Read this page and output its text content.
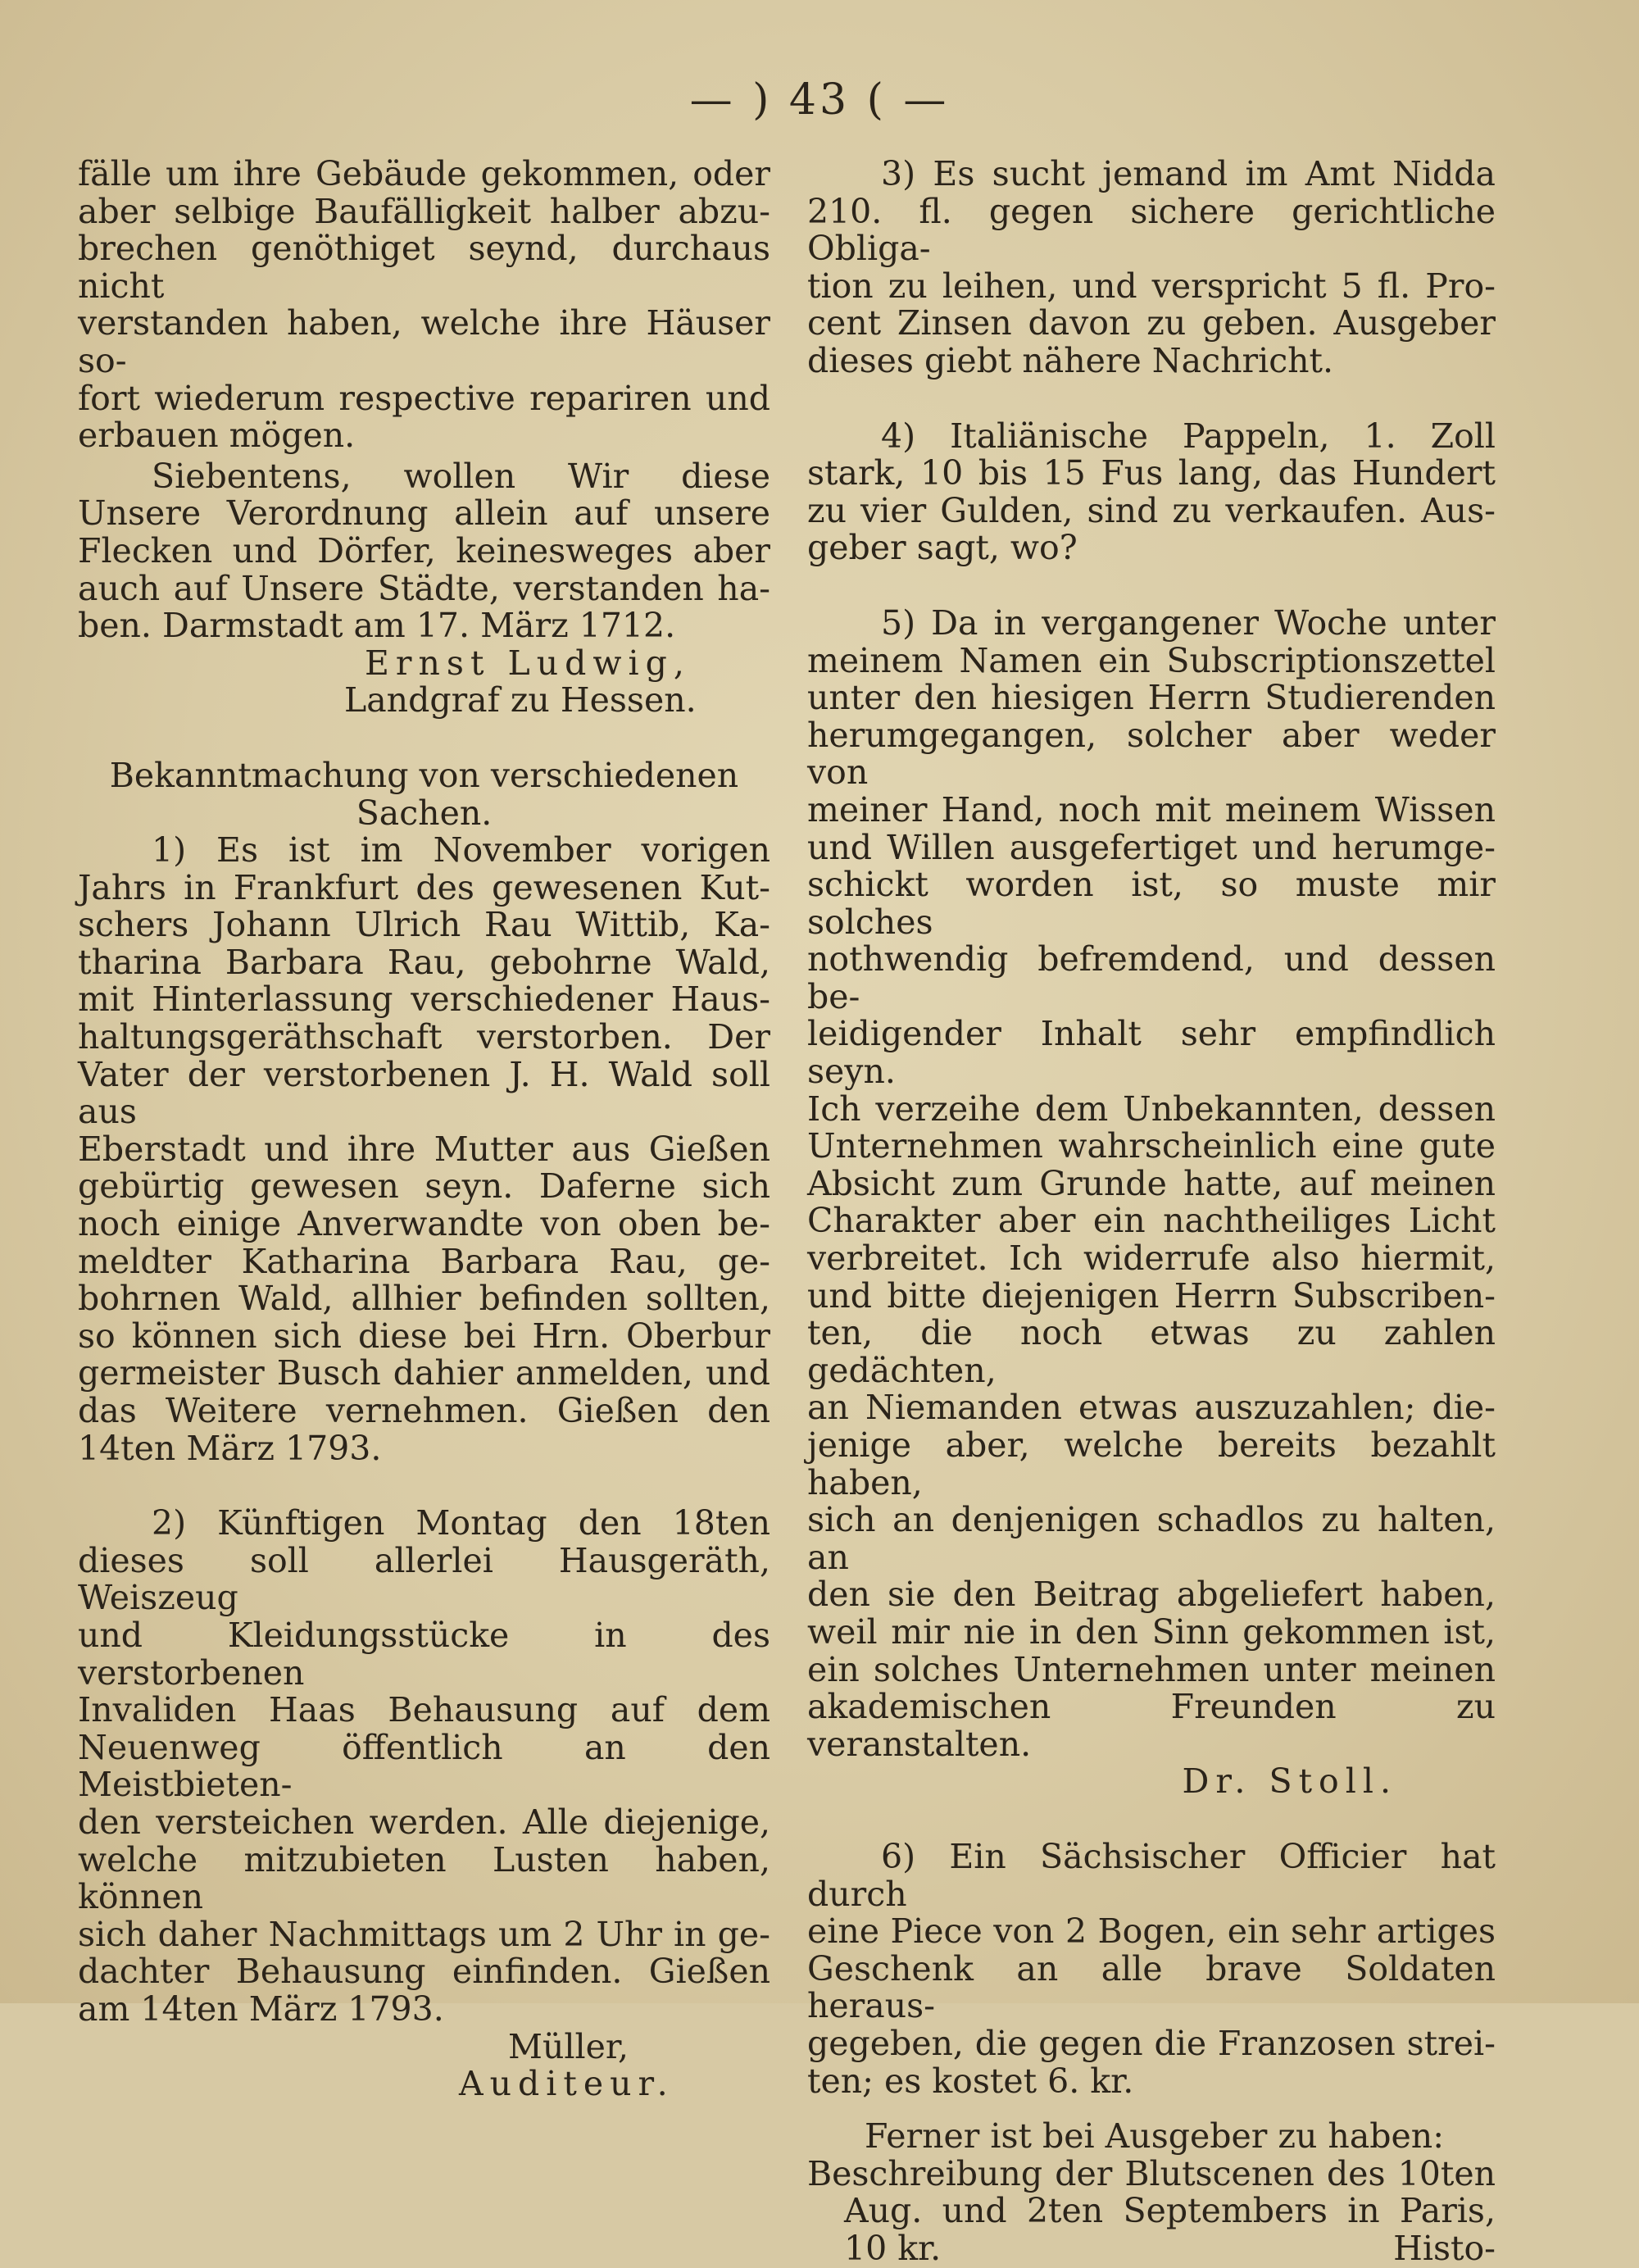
— ) 43 ( —

fälle um ihre Gebäude gekommen, oder

aber selbige Baufälligkeit halber abzu-

brechen genöthiget seynd, durchaus nicht

verstanden haben, welche ihre Häuser so-

fort wiederum respective repariren und

erbauen mögen.

Siebentens, wollen Wir diese

Unsere Verordnung allein auf unsere

Flecken und Dörfer, keinesweges aber

auch auf Unsere Städte, verstanden ha-

ben. Darmstadt am 17. März 1712.

Ernst Ludwig,

Landgraf zu Hessen.

Bekanntmachung von verschiedenen

Sachen.

1) Es ist im November vorigen

Jahrs in Frankfurt des gewesenen Kut-

schers Johann Ulrich Rau Wittib, Ka-

tharina Barbara Rau, gebohrne Wald,

mit Hinterlassung verschiedener Haus-

haltungsgeräthschaft verstorben. Der

Vater der verstorbenen J. H. Wald soll aus

Eberstadt und ihre Mutter aus Gießen

gebürtig gewesen seyn. Daferne sich

noch einige Anverwandte von oben be-

meldter Katharina Barbara Rau, ge-

bohrnen Wald, allhier befinden sollten,

so können sich diese bei Hrn. Oberbur

germeister Busch dahier anmelden, und

das Weitere vernehmen. Gießen den

14ten März 1793.

2) Künftigen Montag den 18ten

dieses soll allerlei Hausgeräth, Weiszeug

und Kleidungsstücke in des verstorbenen

Invaliden Haas Behausung auf dem

Neuenweg öffentlich an den Meistbieten-

den versteichen werden. Alle diejenige,

welche mitzubieten Lusten haben, können

sich daher Nachmittags um 2 Uhr in ge-

dachter Behausung einfinden. Gießen

am 14ten März 1793.

Müller,

Auditeur.

3) Es sucht jemand im Amt Nidda

210. fl. gegen sichere gerichtliche Obliga-

tion zu leihen, und verspricht 5 fl. Pro-

cent Zinsen davon zu geben. Ausgeber

dieses giebt nähere Nachricht.

4) Italiänische Pappeln, 1. Zoll

stark, 10 bis 15 Fus lang, das Hundert

zu vier Gulden, sind zu verkaufen. Aus-

geber sagt, wo?

5) Da in vergangener Woche unter

meinem Namen ein Subscriptionszettel

unter den hiesigen Herrn Studierenden

herumgegangen, solcher aber weder von

meiner Hand, noch mit meinem Wissen

und Willen ausgefertiget und herumge-

schickt worden ist, so muste mir solches

nothwendig befremdend, und dessen be-

leidigender Inhalt sehr empfindlich seyn.

Ich verzeihe dem Unbekannten, dessen

Unternehmen wahrscheinlich eine gute

Absicht zum Grunde hatte, auf meinen

Charakter aber ein nachtheiliges Licht

verbreitet. Ich widerrufe also hiermit,

und bitte diejenigen Herrn Subscriben-

ten, die noch etwas zu zahlen gedächten,

an Niemanden etwas auszuzahlen; die-

jenige aber, welche bereits bezahlt haben,

sich an denjenigen schadlos zu halten, an

den sie den Beitrag abgeliefert haben,

weil mir nie in den Sinn gekommen ist,

ein solches Unternehmen unter meinen

akademischen Freunden zu veranstalten.

Dr. Stoll.

6) Ein Sächsischer Officier hat durch

eine Piece von 2 Bogen, ein sehr artiges

Geschenk an alle brave Soldaten heraus-

gegeben, die gegen die Franzosen strei-

ten; es kostet 6. kr.

Ferner ist bei Ausgeber zu haben:

Beschreibung der Blutscenen des 10ten

Aug. und 2ten Septembers in Paris,

10 kr.	Histo-
